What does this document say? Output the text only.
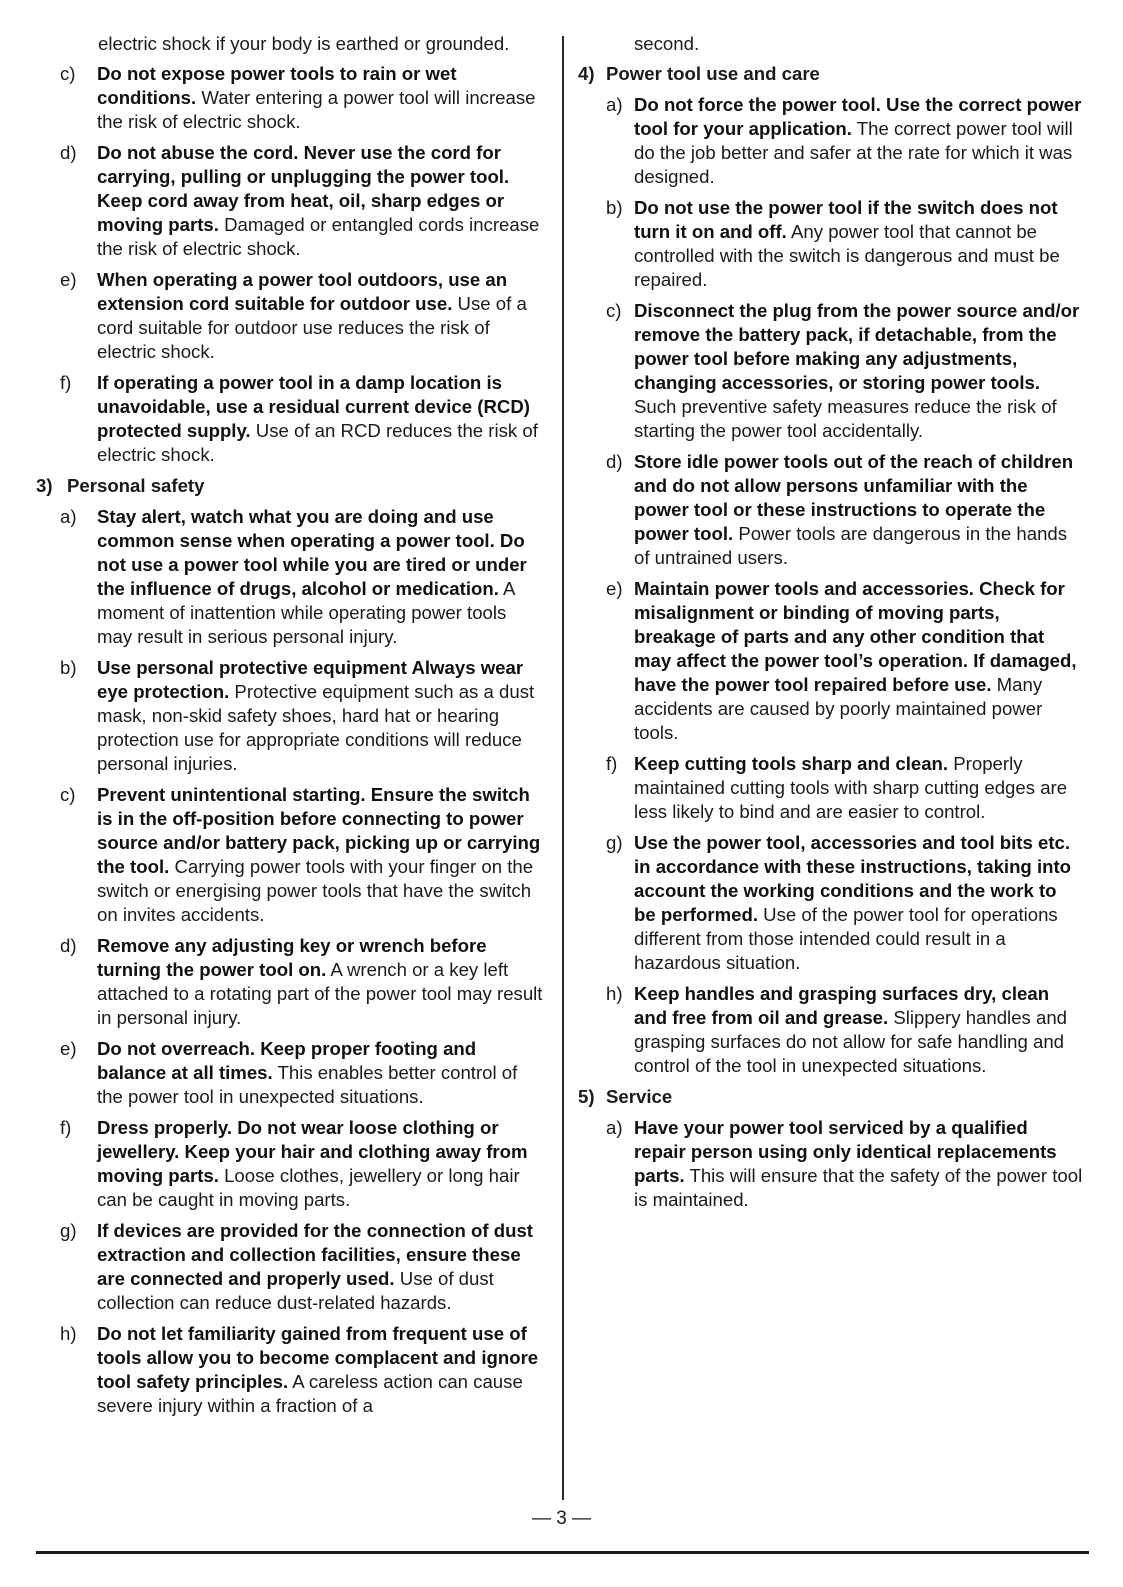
electric shock if your body is earthed or grounded.
c)	Do not expose power tools to rain or wet conditions. Water entering a power tool will increase the risk of electric shock.
d)	Do not abuse the cord. Never use the cord for carrying, pulling or unplugging the power tool. Keep cord away from heat, oil, sharp edges or moving parts. Damaged or entangled cords increase the risk of electric shock.
e)	When operating a power tool outdoors, use an extension cord suitable for outdoor use. Use of a cord suitable for outdoor use reduces the risk of electric shock.
f)	If operating a power tool in a damp location is unavoidable, use a residual current device (RCD) protected supply. Use of an RCD reduces the risk of electric shock.
3) Personal safety
a)	Stay alert, watch what you are doing and use common sense when operating a power tool. Do not use a power tool while you are tired or under the influence of drugs, alcohol or medication. A moment of inattention while operating power tools may result in serious personal injury.
b)	Use personal protective equipment Always wear eye protection. Protective equipment such as a dust mask, non-skid safety shoes, hard hat or hearing protection use for appropriate conditions will reduce personal injuries.
c)	Prevent unintentional starting. Ensure the switch is in the off-position before connecting to power source and/or battery pack, picking up or carrying the tool. Carrying power tools with your finger on the switch or energising power tools that have the switch on invites accidents.
d)	Remove any adjusting key or wrench before turning the power tool on. A wrench or a key left attached to a rotating part of the power tool may result in personal injury.
e)	Do not overreach. Keep proper footing and balance at all times. This enables better control of the power tool in unexpected situations.
f)	Dress properly. Do not wear loose clothing or jewellery. Keep your hair and clothing away from moving parts. Loose clothes, jewellery or long hair can be caught in moving parts.
g)	If devices are provided for the connection of dust extraction and collection facilities, ensure these are connected and properly used. Use of dust collection can reduce dust-related hazards.
h)	Do not let familiarity gained from frequent use of tools allow you to become complacent and ignore tool safety principles. A careless action can cause severe injury within a fraction of a
second.
4) Power tool use and care
a) Do not force the power tool. Use the correct power tool for your application. The correct power tool will do the job better and safer at the rate for which it was designed.
b) Do not use the power tool if the switch does not turn it on and off. Any power tool that cannot be controlled with the switch is dangerous and must be repaired.
c) Disconnect the plug from the power source and/or remove the battery pack, if detachable, from the power tool before making any adjustments, changing accessories, or storing power tools. Such preventive safety measures reduce the risk of starting the power tool accidentally.
d) Store idle power tools out of the reach of children and do not allow persons unfamiliar with the power tool or these instructions to operate the power tool. Power tools are dangerous in the hands of untrained users.
e) Maintain power tools and accessories. Check for misalignment or binding of moving parts, breakage of parts and any other condition that may affect the power tool’s operation. If damaged, have the power tool repaired before use. Many accidents are caused by poorly maintained power tools.
f) Keep cutting tools sharp and clean. Properly maintained cutting tools with sharp cutting edges are less likely to bind and are easier to control.
g) Use the power tool, accessories and tool bits etc. in accordance with these instructions, taking into account the working conditions and the work to be performed. Use of the power tool for operations different from those intended could result in a hazardous situation.
h) Keep handles and grasping surfaces dry, clean and free from oil and grease. Slippery handles and grasping surfaces do not allow for safe handling and control of the tool in unexpected situations.
5) Service
a) Have your power tool serviced by a qualified repair person using only identical replacements parts. This will ensure that the safety of the power tool is maintained.
— 3 —
